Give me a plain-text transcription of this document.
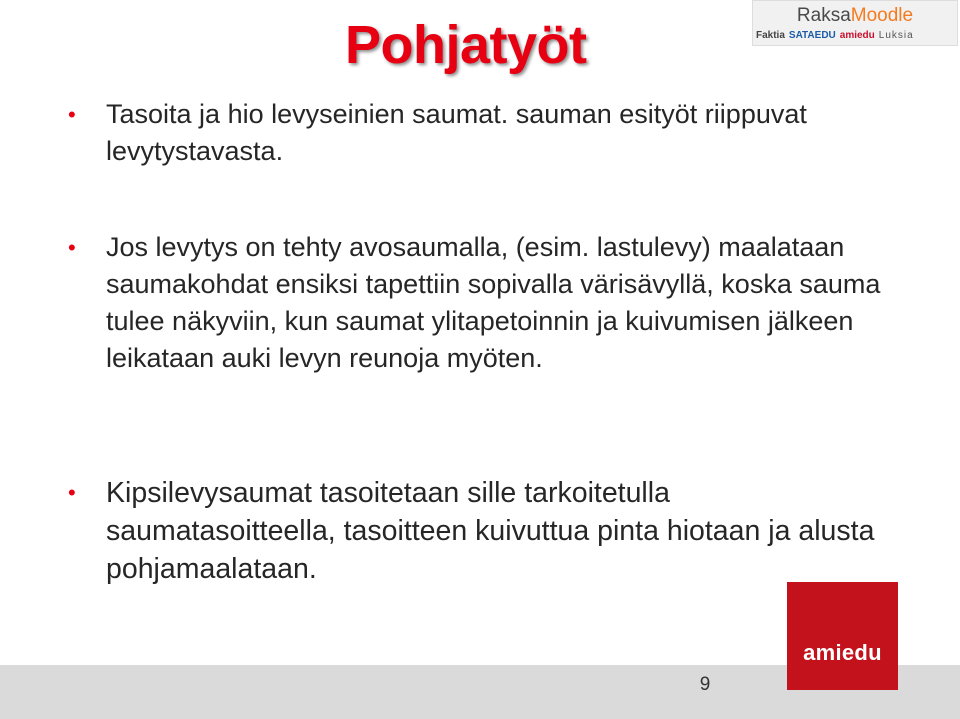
Pohjatyöt	RaksaMoodle
Faktia SATAEDU amiedu Luksia
• Tasoita ja hio levyseinien saumat. sauman esityöt riippuvat levytystavasta.
• Jos levytys on tehty avosaumalla, (esim. lastulevy) maalataan saumakohdat ensiksi tapettiin sopivalla värisävyllä, koska sauma tulee näkyviin, kun saumat ylitapetoinnin ja kuivumisen jälkeen leikataan auki levyn reunoja myöten.
• Kipsilevysaumat tasoitetaan sille tarkoitetulla saumatasoitteella, tasoitteen kuivuttua pinta hiotaan ja alusta pohjamaalataan.
9
amiedu
